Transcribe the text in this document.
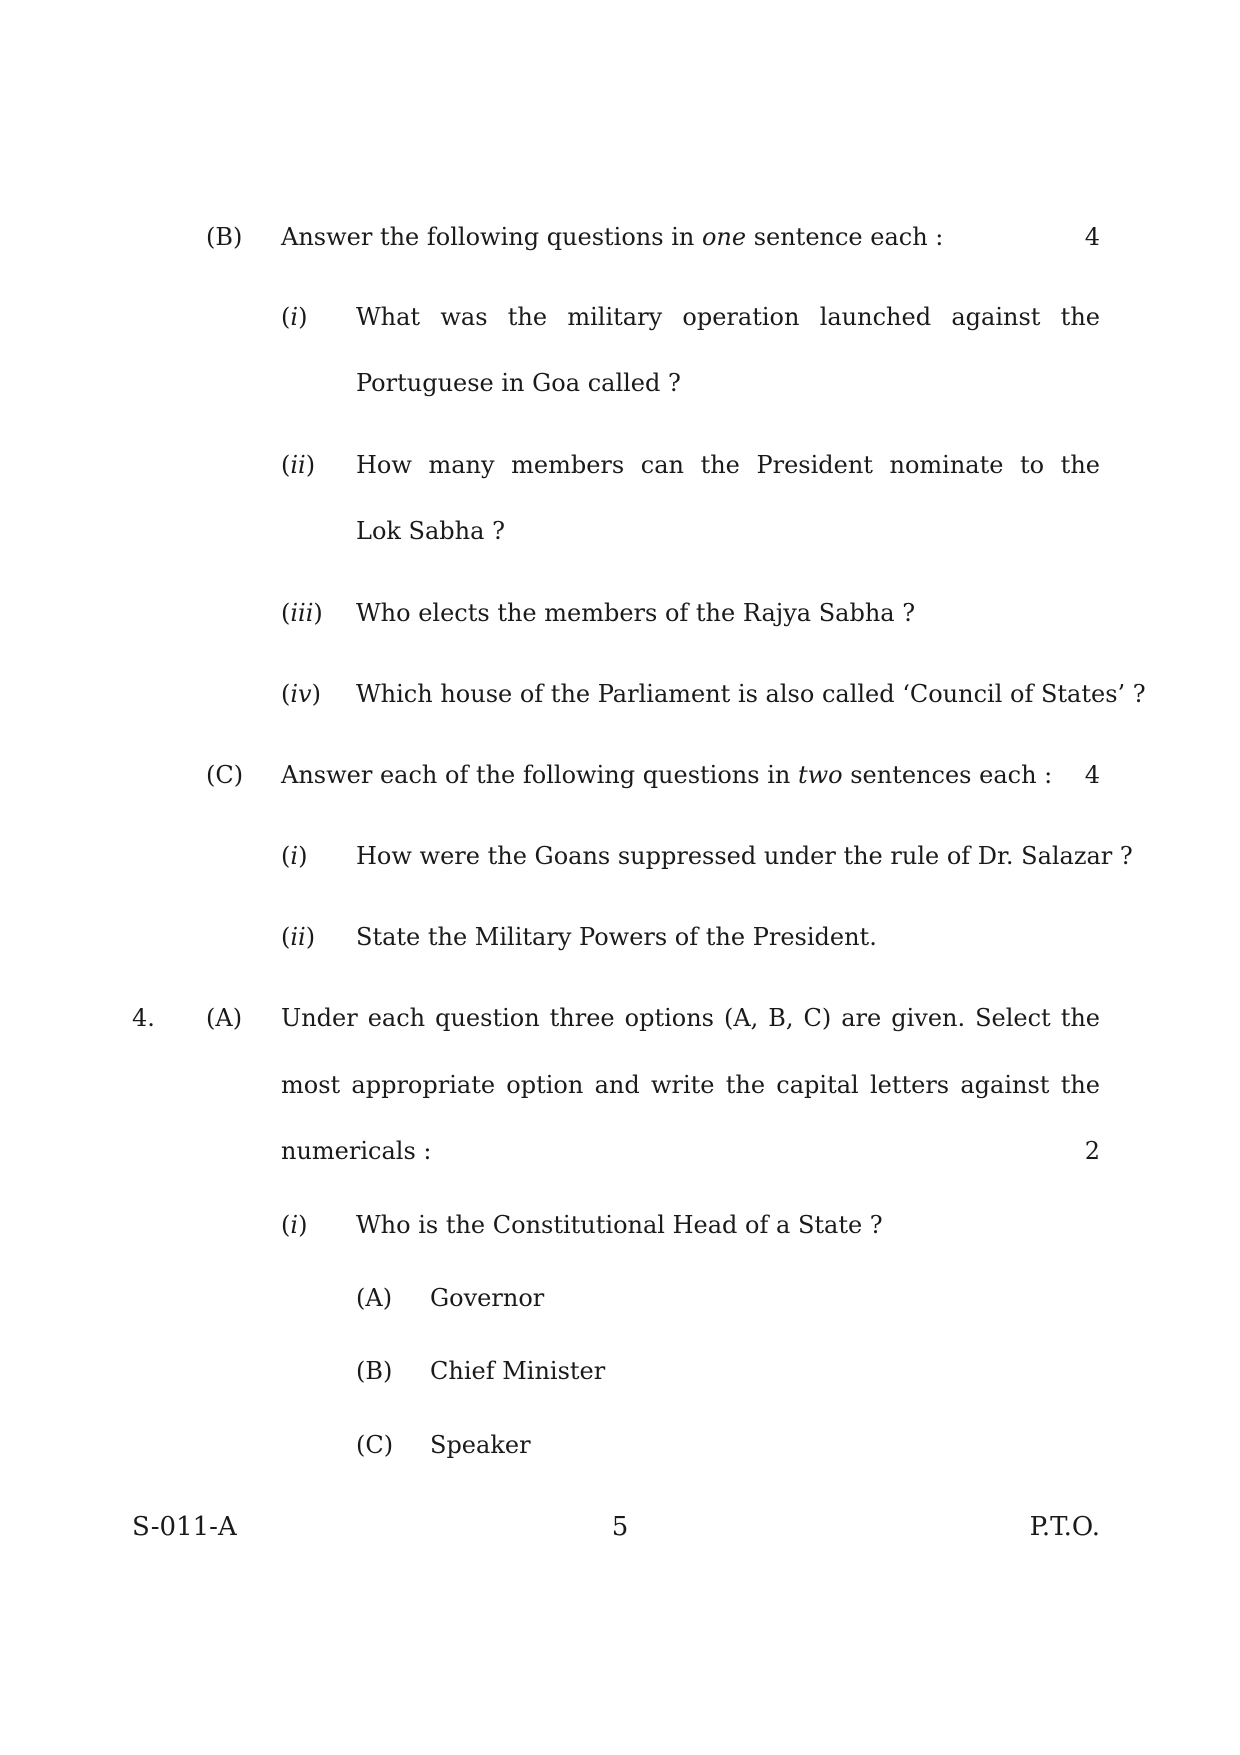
(B) Answer the following questions in one sentence each :	4
(i) What was the military operation launched against the
Portuguese in Goa called ?
(ii) How many members can the President nominate to the
Lok Sabha ?
(iii) Who elects the members of the Rajya Sabha ?
(iv) Which house of the Parliament is also called ‘Council of States’ ?
(C) Answer each of the following questions in two sentences each : 4
(i) How were the Goans suppressed under the rule of Dr. Salazar ?
(ii) State the Military Powers of the President.
4. (A) Under each question three options (A, B, C) are given. Select the
most appropriate option and write the capital letters against the
numericals :	2
(i) Who is the Constitutional Head of a State ?
(A) Governor
(B) Chief Minister
(C) Speaker
S-011-A	5	P.T.O.
